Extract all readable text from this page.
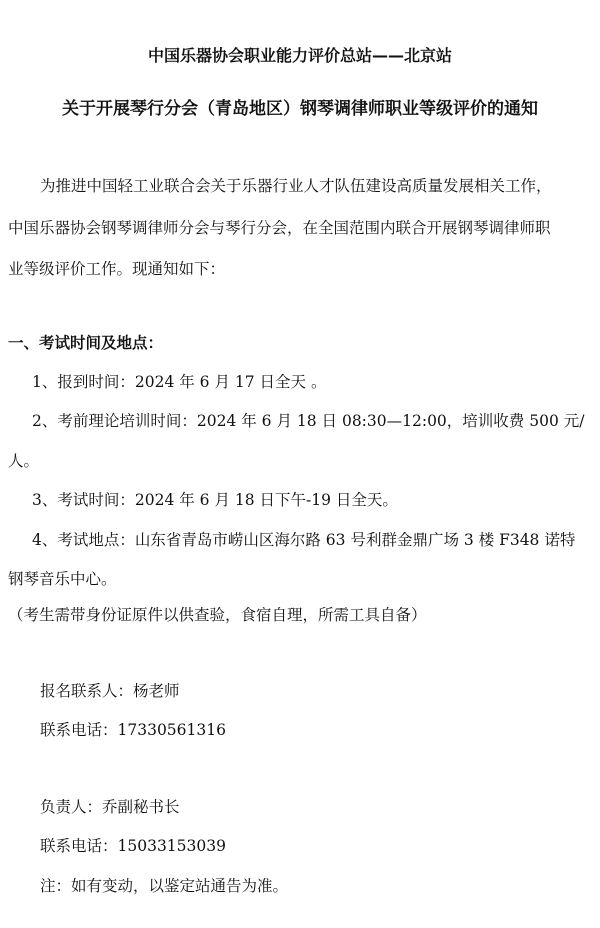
中国乐器协会职业能力评价总站——北京站
关于开展琴行分会（青岛地区）钢琴调律师职业等级评价的通知
为推进中国轻工业联合会关于乐器行业人才队伍建设高质量发展相关工作，
中国乐器协会钢琴调律师分会与琴行分会，在全国范围内联合开展钢琴调律师职
业等级评价工作。现通知如下：
一、考试时间及地点：
1、报到时间：2024 年 6 月 17 日全天 。
2、考前理论培训时间：2024 年 6 月 18 日 08:30—12:00，培训收费 500 元/
人。
3、考试时间：2024 年 6 月 18 日下午-19 日全天。
4、考试地点：山东省青岛市崂山区海尔路 63 号利群金鼎广场 3 楼 F348 诺特
钢琴音乐中心。
（考生需带身份证原件以供查验，食宿自理，所需工具自备）
报名联系人：杨老师
联系电话：17330561316
负责人：乔副秘书长
联系电话：15033153039
注：如有变动，以鉴定站通告为准。
